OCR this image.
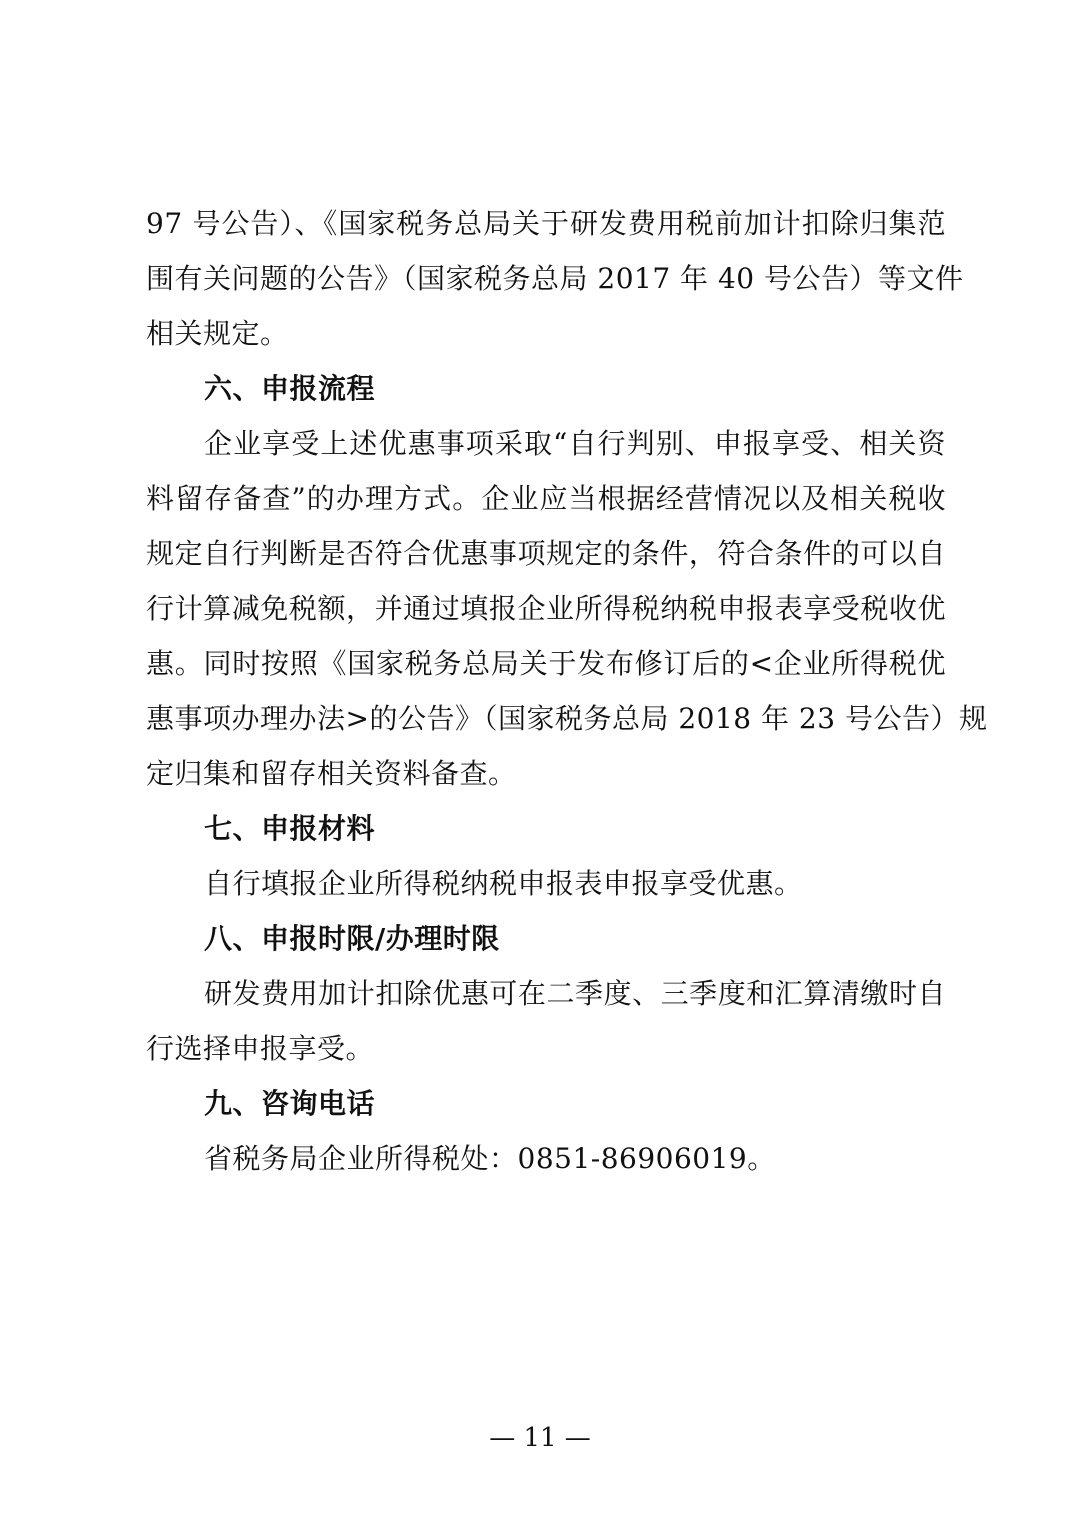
97 号公告）、《国家税务总局关于研发费用税前加计扣除归集范
围有关问题的公告》（国家税务总局 2017 年 40 号公告）等文件
相关规定。
六、申报流程
企业享受上述优惠事项采取“自行判别、申报享受、相关资
料留存备查”的办理方式。企业应当根据经营情况以及相关税收
规定自行判断是否符合优惠事项规定的条件，符合条件的可以自
行计算减免税额，并通过填报企业所得税纳税申报表享受税收优
惠。同时按照《国家税务总局关于发布修订后的<企业所得税优
惠事项办理办法>的公告》（国家税务总局 2018 年 23 号公告）规
定归集和留存相关资料备查。
七、申报材料
自行填报企业所得税纳税申报表申报享受优惠。
八、申报时限/办理时限
研发费用加计扣除优惠可在二季度、三季度和汇算清缴时自
行选择申报享受。
九、咨询电话
省税务局企业所得税处：0851-86906019。
— 11 —
